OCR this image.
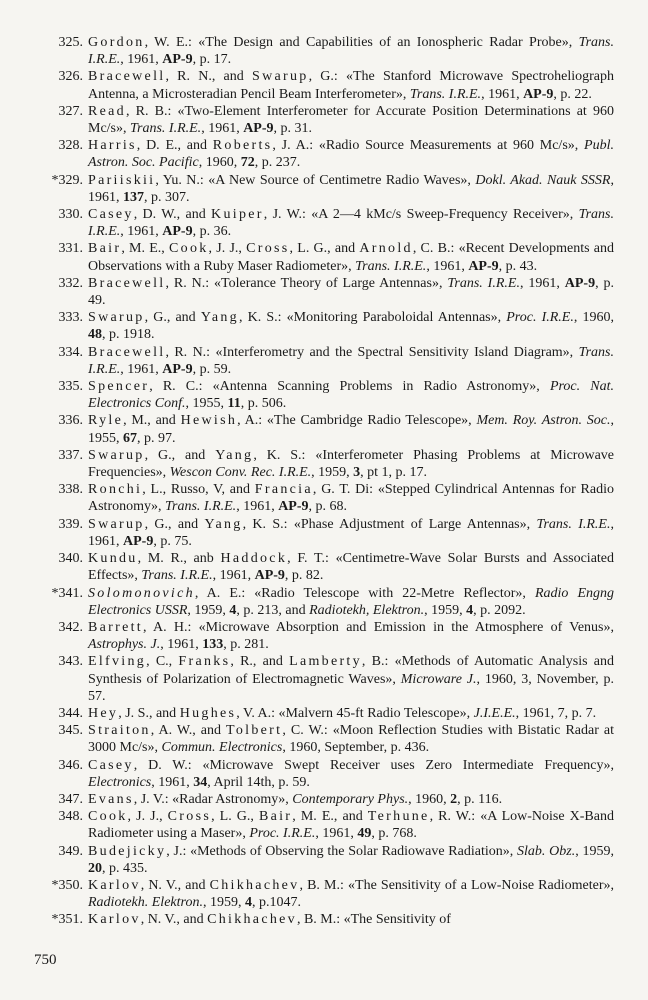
325. Gordon, W. E.: «The Design and Capabilities of an Ionospheric Radar Probe», Trans. I.R.E., 1961, AP-9, p. 17.
326. Bracewell, R. N., and Swarup, G.: «The Stanford Microwave Spectroheliograph Antenna, a Microsteradian Pencil Beam Interferometer», Trans. I.R.E., 1961, AP-9, p. 22.
327. Read, R. B.: «Two-Element Interferometer for Accurate Position Determinations at 960 Mc/s», Trans. I.R.E., 1961, AP-9, p. 31.
328. Harris, D. E., and Roberts, J. A.: «Radio Source Measurements at 960 Mc/s», Publ. Astron. Soc. Pacific, 1960, 72, p. 237.
*329. Pariiskii, Yu. N.: «A New Source of Centimetre Radio Waves», Dokl. Akad. Nauk SSSR, 1961, 137, p. 307.
330. Casey, D. W., and Kuiper, J. W.: «A 2—4 kMc/s Sweep-Frequency Receiver», Trans. I.R.E., 1961, AP-9, p. 36.
331. Bair, M. E., Cook, J. J., Cross, L. G., and Arnold, C. B.: «Recent Developments and Observations with a Ruby Maser Radiometer», Trans. I.R.E., 1961, AP-9, p. 43.
332. Bracewell, R. N.: «Tolerance Theory of Large Antennas», Trans. I.R.E., 1961, AP-9, p. 49.
333. Swarup, G., and Yang, K. S.: «Monitoring Paraboloidal Antennas», Proc. I.R.E., 1960, 48, p. 1918.
334. Bracewell, R. N.: «Interferometry and the Spectral Sensitivity Island Diagram», Trans. I.R.E., 1961, AP-9, p. 59.
335. Spencer, R. C.: «Antenna Scanning Problems in Radio Astronomy», Proc. Nat. Electronics Conf., 1955, 11, p. 506.
336. Ryle, M., and Hewish, A.: «The Cambridge Radio Telescope», Mem. Roy. Astron. Soc., 1955, 67, p. 97.
337. Swarup, G., and Yang, K. S.: «Interferometer Phasing Problems at Microwave Frequencies», Wescon Conv. Rec. I.R.E., 1959, 3, pt 1, p. 17.
338. Ronchi, L., Russo, V, and Francia, G. T. Di: «Stepped Cylindrical Antennas for Radio Astronomy», Trans. I.R.E., 1961, AP-9, p. 68.
339. Swarup, G., and Yang, K. S.: «Phase Adjustment of Large Antennas», Trans. I.R.E., 1961, AP-9, p. 75.
340. Kundu, M. R., anb Haddock, F. T.: «Centimetre-Wave Solar Bursts and Associated Effects», Trans. I.R.E., 1961, AP-9, p. 82.
*341. Solomonovich, A. E.: «Radio Telescope with 22-Metre Reflector», Radio Engng Electronics USSR, 1959, 4, p. 213, and Radiotekh, Elektron., 1959, 4, p. 2092.
342. Barrett, A. H.: «Microwave Absorption and Emission in the Atmosphere of Venus», Astrophys. J., 1961, 133, p. 281.
343. Elfving, C., Franks, R., and Lamberty, B.: «Methods of Automatic Analysis and Synthesis of Polarization of Electromagnetic Waves», Microware J., 1960, 3, November, p. 57.
344. Hey, J. S., and Hughes, V. A.: «Malvern 45-ft Radio Telescope», J.I.E.E., 1961, 7, p. 7.
345. Straiton, A. W., and Tolbert, C. W.: «Moon Reflection Studies with Bistatic Radar at 3000 Mc/s», Commun. Electronics, 1960, September, p. 436.
346. Casey, D. W.: «Microwave Swept Receiver uses Zero Intermediate Frequency», Electronics, 1961, 34, April 14th, p. 59.
347. Evans, J. V.: «Radar Astronomy», Contemporary Phys., 1960, 2, p. 116.
348. Cook, J. J., Cross, L. G., Bair, M. E., and Terhune, R. W.: «A Low-Noise X-Band Radiometer using a Maser», Proc. I.R.E., 1961, 49, p. 768.
349. Budejicky, J.: «Methods of Observing the Solar Radiowave Radiation», Slab. Obz., 1959, 20, p. 435.
*350. Karlov, N. V., and Chikhachev, B. M.: «The Sensitivity of a Low-Noise Radiometer», Radiotekh. Elektron., 1959, 4, p.1047.
*351. Karlov, N. V., and Chikhachev, B. M.: «The Sensitivity of
750
